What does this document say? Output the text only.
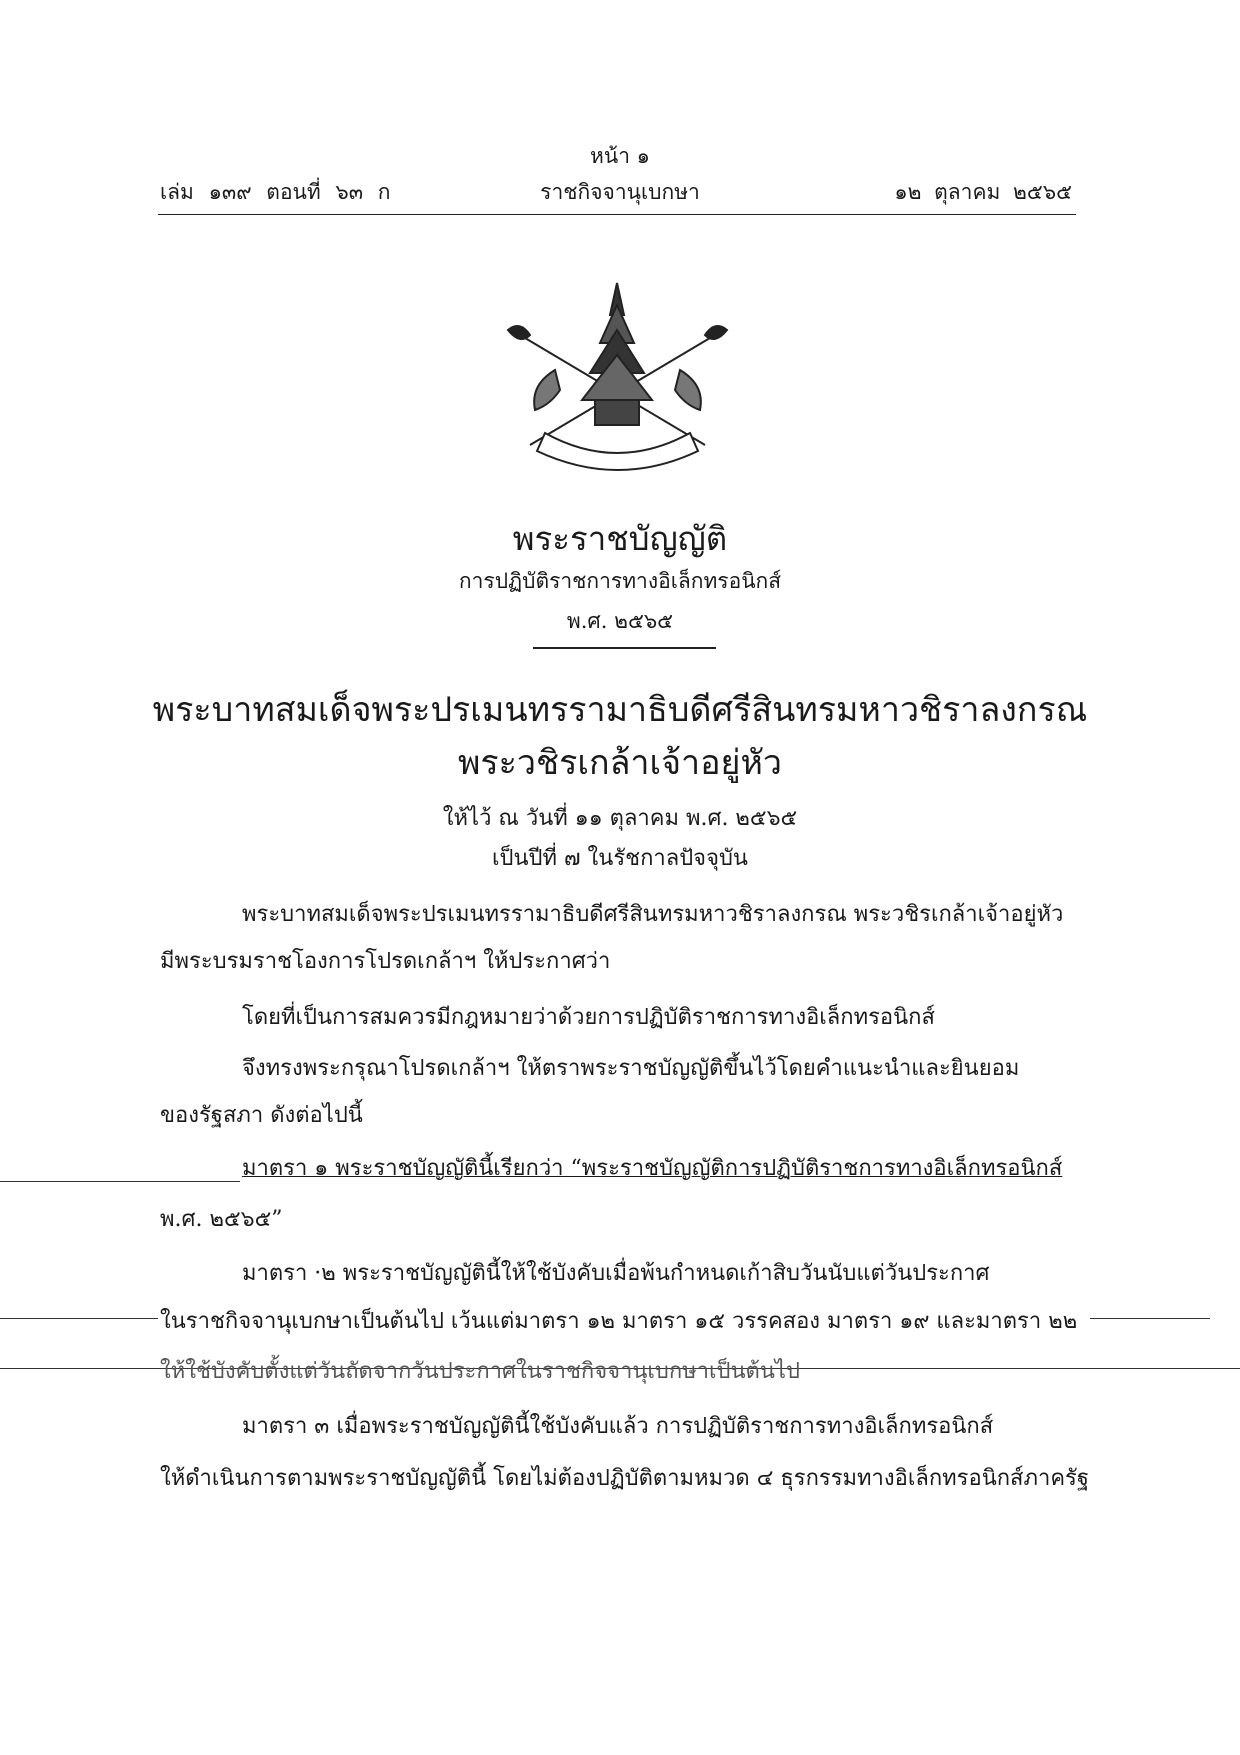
หน้า ๑
เล่ม ๑๓๙ ตอนที่ ๖๓ ก	ราชกิจจานุเบกษา	๑๒ ตุลาคม ๒๕๖๕
พระราชบัญญัติ
การปฏิบัติราชการทางอิเล็กทรอนิกส์
พ.ศ. ๒๕๖๕
พระบาทสมเด็จพระปรเมนทรรามาธิบดีศรีสินทรมหาวชิราลงกรณ
พระวชิรเกล้าเจ้าอยู่หัว
ให้ไว้ ณ วันที่ ๑๑ ตุลาคม พ.ศ. ๒๕๖๕
เป็นปีที่ ๗ ในรัชกาลปัจจุบัน
พระบาทสมเด็จพระปรเมนทรรามาธิบดีศรีสินทรมหาวชิราลงกรณ พระวชิรเกล้าเจ้าอยู่หัว
มีพระบรมราชโองการโปรดเกล้าฯ ให้ประกาศว่า
โดยที่เป็นการสมควรมีกฎหมายว่าด้วยการปฏิบัติราชการทางอิเล็กทรอนิกส์
จึงทรงพระกรุณาโปรดเกล้าฯ ให้ตราพระราชบัญญัติขึ้นไว้โดยคำแนะนำและยินยอม
ของรัฐสภา ดังต่อไปนี้
มาตรา ๑ พระราชบัญญัตินี้เรียกว่า “พระราชบัญญัติการปฏิบัติราชการทางอิเล็กทรอนิกส์
พ.ศ. ๒๕๖๕”
มาตรา ·๒ พระราชบัญญัตินี้ให้ใช้บังคับเมื่อพ้นกำหนดเก้าสิบวันนับแต่วันประกาศ
ในราชกิจจานุเบกษาเป็นต้นไป เว้นแต่มาตรา ๑๒ มาตรา ๑๕ วรรคสอง มาตรา ๑๙ และมาตรา ๒๒
ให้ใช้บังคับตั้งแต่วันถัดจากวันประกาศในราชกิจจานุเบกษาเป็นต้นไป
มาตรา ๓ เมื่อพระราชบัญญัตินี้ใช้บังคับแล้ว การปฏิบัติราชการทางอิเล็กทรอนิกส์
ให้ดำเนินการตามพระราชบัญญัตินี้ โดยไม่ต้องปฏิบัติตามหมวด ๔ ธุรกรรมทางอิเล็กทรอนิกส์ภาครัฐ
